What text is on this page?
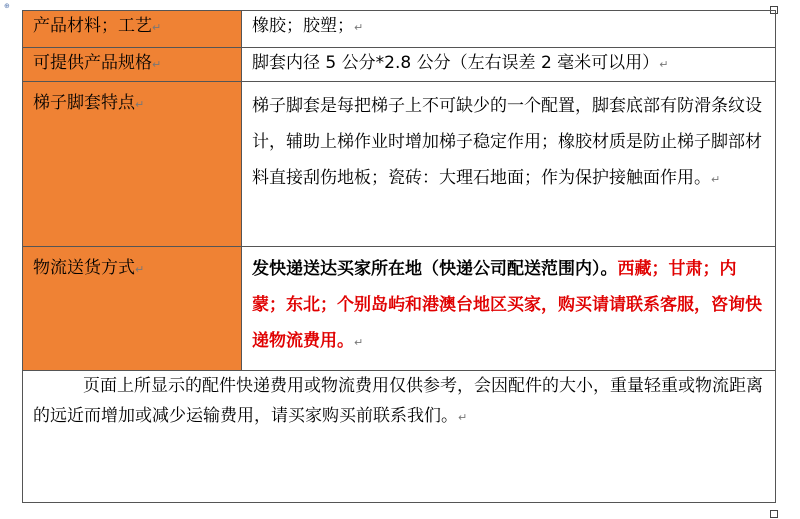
⊕
产品材料；工艺↵	橡胶；胶塑；↵
可提供产品规格↵	脚套内径 5 公分*2.8 公分（左右误差 2 毫米可以用）↵
梯子脚套特点↵	梯子脚套是每把梯子上不可缺少的一个配置，脚套底部有防滑条纹设计，辅助上梯作业时增加梯子稳定作用；橡胶材质是防止梯子脚部材料直接刮伤地板；瓷砖：大理石地面；作为保护接触面作用。↵
物流送货方式↵	发快递送达买家所在地（快递公司配送范围内）。西藏；甘肃；内蒙；东北；个别岛屿和港澳台地区买家，购买请请联系客服，咨询快递物流费用。↵
页面上所显示的配件快递费用或物流费用仅供参考，会因配件的大小，重量轻重或物流距离的远近而增加或减少运输费用，请买家购买前联系我们。↵	
